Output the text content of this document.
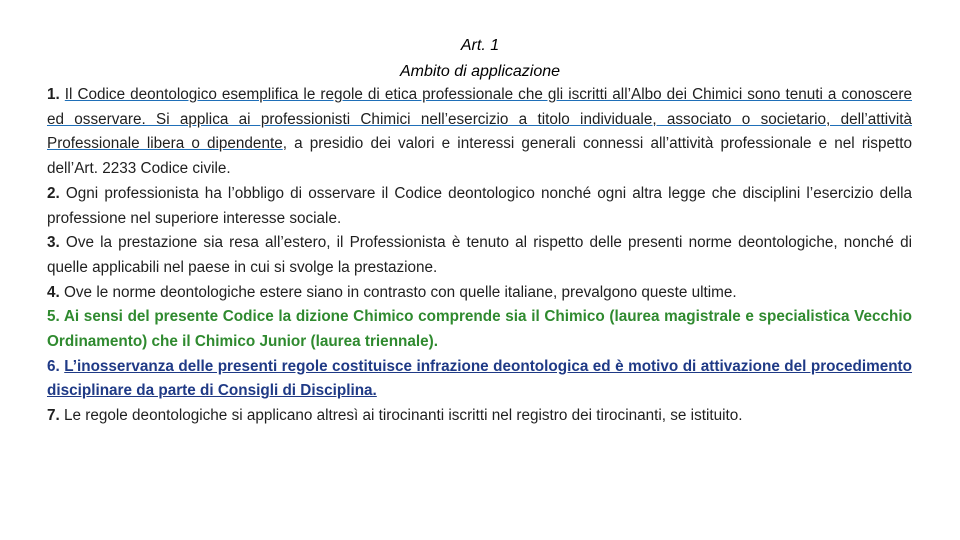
Art. 1
Ambito di applicazione

1. Il Codice deontologico esemplifica le regole di etica professionale che gli iscritti all’Albo dei Chimici sono tenuti a conoscere ed osservare. Si applica ai professionisti Chimici nell’esercizio a titolo individuale, associato o societario, dell’attività Professionale libera o dipendente, a presidio dei valori e interessi generali connessi all’attività professionale e nel rispetto dell’Art. 2233 Codice civile.

2. Ogni professionista ha l’obbligo di osservare il Codice deontologico nonché ogni altra legge che disciplini l’esercizio della professione nel superiore interesse sociale.

3. Ove la prestazione sia resa all’estero, il Professionista è tenuto al rispetto delle presenti norme deontologiche, nonché di quelle applicabili nel paese in cui si svolge la prestazione.

4. Ove le norme deontologiche estere siano in contrasto con quelle italiane, prevalgono queste ultime.

5. Ai sensi del presente Codice la dizione Chimico comprende sia il Chimico (laurea magistrale e specialistica Vecchio Ordinamento) che il Chimico Junior (laurea triennale).

6. L’inosservanza delle presenti regole costituisce infrazione deontologica ed è motivo di attivazione del procedimento disciplinare da parte di Consigli di Disciplina.

7. Le regole deontologiche si applicano altresì ai tirocinanti iscritti nel registro dei tirocinanti, se istituito.
